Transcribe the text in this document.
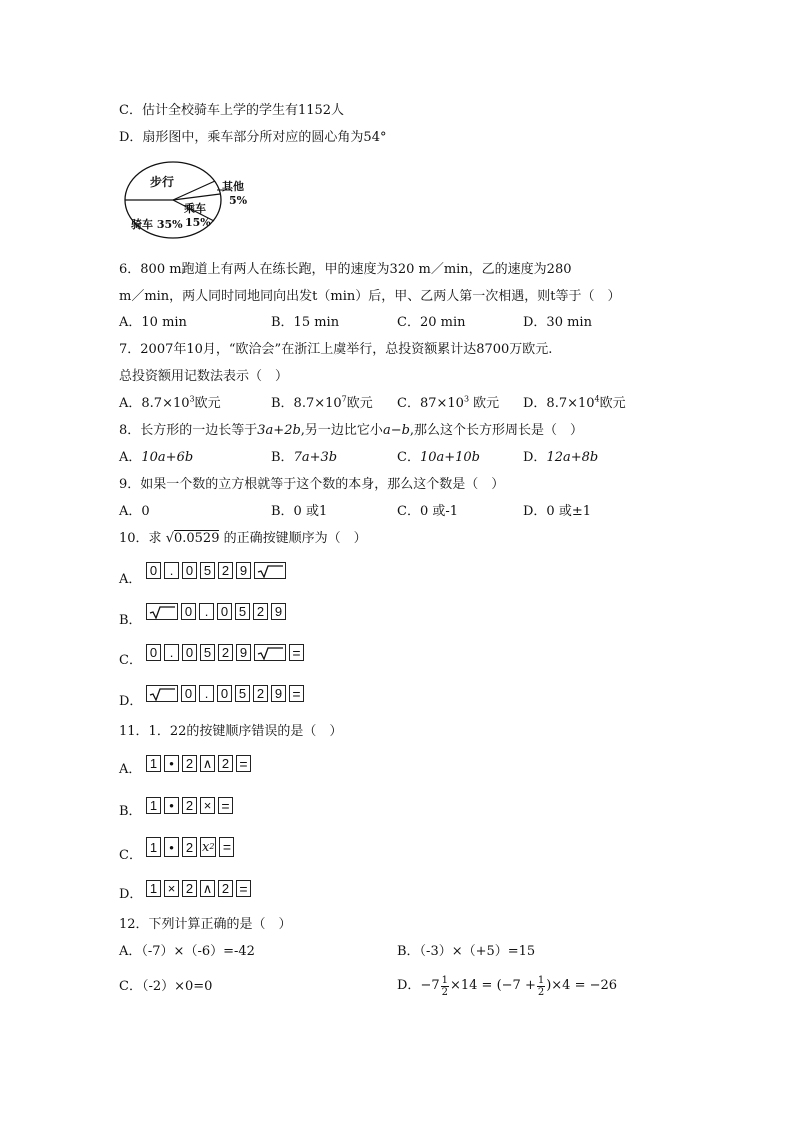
C．估计全校骑车上学的学生有1152人
D．扇形图中，乘车部分所对应的圆心角为54°
步行	其他
5%
乘车
15%
骑车 35%
6．800 m跑道上有两人在练长跑，甲的速度为320 m／min，乙的速度为280
m／min，两人同时同地同向出发t（min）后，甲、乙两人第一次相遇，则t等于（　）
A．10 min	B．15 min	C．20 min	D．30 min
7．2007年10月，“欧洽会”在浙江上虞举行，总投资额累计达8700万欧元.
总投资额用记数法表示（　）
A．$8.7\times 10^3$欧元	B．$8.7\times 10^7$欧元 C．$87\times 10^3$ 欧元 D．$8.7\times 10^4$欧元
8．长方形的一边长等于3a+2b,另一边比它小a−b,那么这个长方形周长是（　）
A．10a+6b	B．7a+3b	C．10a+10b	D．12a+8b
9．如果一个数的立方根就等于这个数的本身，那么这个数是（　）
A．0	B．0 或1	C．0 或-1	D．0 或±1
10．求 √0.0529 的正确按键顺序为（　）
A．
0 . 0 5 2 9
B．
0 . 0 5 2 9
C．
0 . 0 5 2 9	=
D．
0 . 0 5 2 9 =
11．1．22的按键顺序错误的是（　）
A． 1 • 2 ∧ 2 =
B． 1 • 2 × =
C．
1 • 2 x 2 =
D． 1 × 2 ∧ 2 =
12．下列计算正确的是（　）
A．（-7）×（-6）=-42	B．（-3）×（+5）=15
C．（-2）×0=0	D． $-7 \frac{1}{2} \times 14 = (-7 + \frac{1}{2} )\times 4 = -26$
